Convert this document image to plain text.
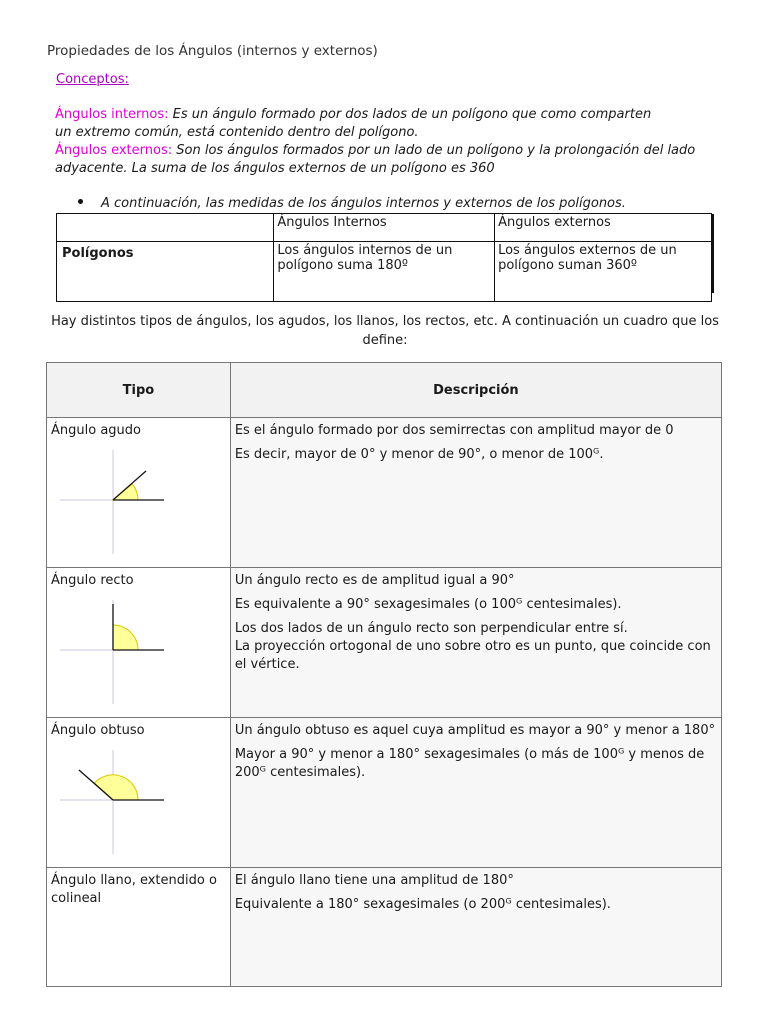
Propiedades de los Ángulos (internos y externos)
Conceptos:
Ángulos internos: Es un ángulo formado por dos lados de un polígono que como comparten
un extremo común, está contenido dentro del polígono.
Ángulos externos: Son los ángulos formados por un lado de un polígono y la prolongación del lado
adyacente. La suma de los ángulos externos de un polígono es 360
A continuación, las medidas de los ángulos internos y externos de los polígonos.
	Ángulos Internos	Ángulos externos
Polígonos	Los ángulos internos de un polígono suma 180º	Los ángulos externos de un polígono suman 360º
Hay distintos tipos de ángulos, los agudos, los llanos, los rectos, etc. A continuación un cuadro que los define:
Tipo	Descripción
Ángulo agudo	Es el ángulo formado por dos semirrectas con amplitud mayor de 0

Es decir, mayor de 0° y menor de 90°, o menor de 100ᴳ.

Ángulo recto	Un ángulo recto es de amplitud igual a 90°

Es equivalente a 90° sexagesimales (o 100ᴳ centesimales).

Los dos lados de un ángulo recto son perpendicular entre sí.

La proyección ortogonal de uno sobre otro es un punto, que coincide con el vértice.

Ángulo obtuso	Un ángulo obtuso es aquel cuya amplitud es mayor a 90° y menor a 180°

Mayor a 90° y menor a 180° sexagesimales (o más de 100ᴳ y menos de 200ᴳ centesimales).

Ángulo llano, extendido o colineal	El ángulo llano tiene una amplitud de 180°

Equivalente a 180° sexagesimales (o 200ᴳ centesimales).
